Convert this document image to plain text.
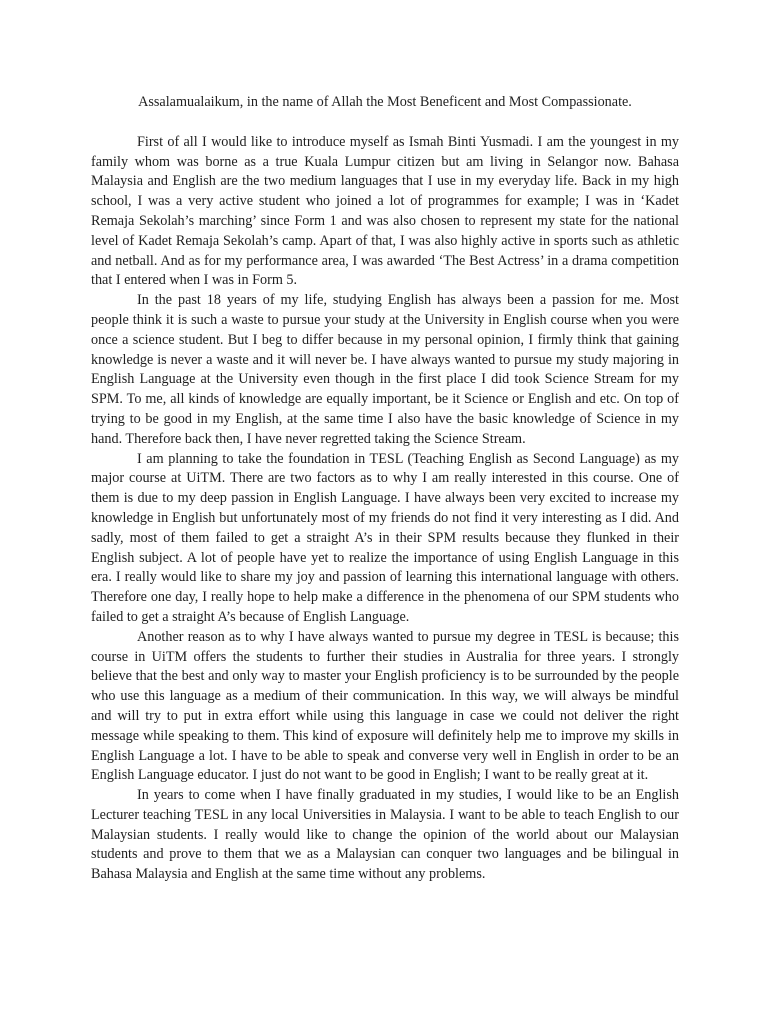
Assalamualaikum, in the name of Allah the Most Beneficent and Most Compassionate.

First of all I would like to introduce myself as Ismah Binti Yusmadi. I am the youngest in my family whom was borne as a true Kuala Lumpur citizen but am living in Selangor now. Bahasa Malaysia and English are the two medium languages that I use in my everyday life. Back in my high school, I was a very active student who joined a lot of programmes for example; I was in ‘Kadet Remaja Sekolah’s marching’ since Form 1 and was also chosen to represent my state for the national level of Kadet Remaja Sekolah’s camp. Apart of that, I was also highly active in sports such as athletic and netball. And as for my performance area, I was awarded ‘The Best Actress’ in a drama competition that I entered when I was in Form 5.

In the past 18 years of my life, studying English has always been a passion for me. Most people think it is such a waste to pursue your study at the University in English course when you were once a science student. But I beg to differ because in my personal opinion, I firmly think that gaining knowledge is never a waste and it will never be. I have always wanted to pursue my study majoring in English Language at the University even though in the first place I did took Science Stream for my SPM. To me, all kinds of knowledge are equally important, be it Science or English and etc. On top of trying to be good in my English, at the same time I also have the basic knowledge of Science in my hand. Therefore back then, I have never regretted taking the Science Stream.

I am planning to take the foundation in TESL (Teaching English as Second Language) as my major course at UiTM. There are two factors as to why I am really interested in this course. One of them is due to my deep passion in English Language. I have always been very excited to increase my knowledge in English but unfortunately most of my friends do not find it very interesting as I did. And sadly, most of them failed to get a straight A’s in their SPM results because they flunked in their English subject. A lot of people have yet to realize the importance of using English Language in this era. I really would like to share my joy and passion of learning this international language with others. Therefore one day, I really hope to help make a difference in the phenomena of our SPM students who failed to get a straight A’s because of English Language.

Another reason as to why I have always wanted to pursue my degree in TESL is because; this course in UiTM offers the students to further their studies in Australia for three years. I strongly believe that the best and only way to master your English proficiency is to be surrounded by the people who use this language as a medium of their communication. In this way, we will always be mindful and will try to put in extra effort while using this language in case we could not deliver the right message while speaking to them. This kind of exposure will definitely help me to improve my skills in English Language a lot. I have to be able to speak and converse very well in English in order to be an English Language educator. I just do not want to be good in English; I want to be really great at it.

In years to come when I have finally graduated in my studies, I would like to be an English Lecturer teaching TESL in any local Universities in Malaysia. I want to be able to teach English to our Malaysian students. I really would like to change the opinion of the world about our Malaysian students and prove to them that we as a Malaysian can conquer two languages and be bilingual in Bahasa Malaysia and English at the same time without any problems.
